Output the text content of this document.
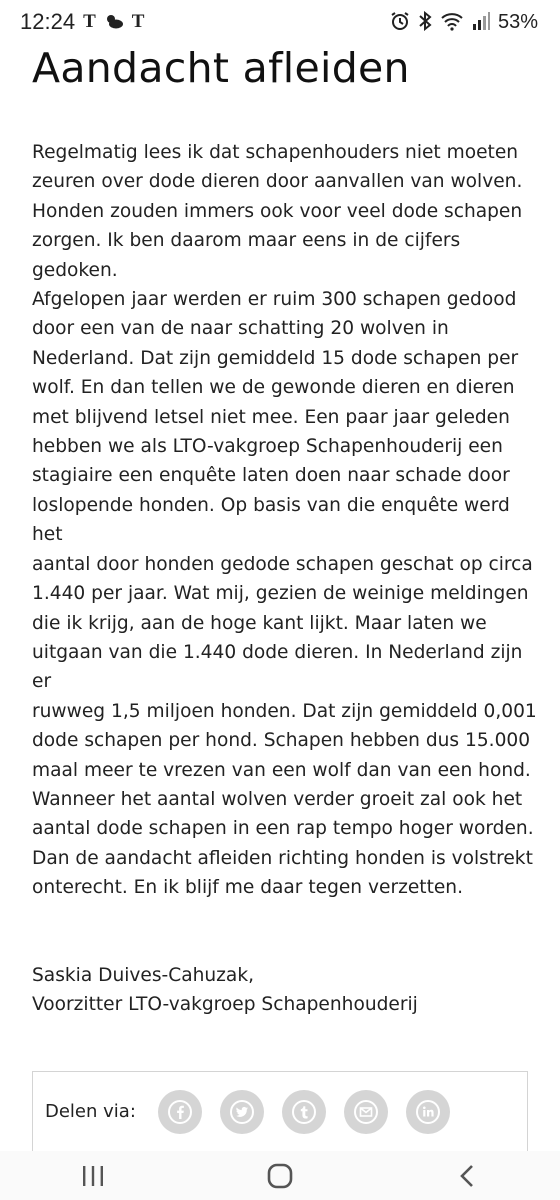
12:24 T T	53%
Aandacht afleiden

Regelmatig lees ik dat schapenhouders niet moeten
zeuren over dode dieren door aanvallen van wolven.
Honden zouden immers ook voor veel dode schapen
zorgen. Ik ben daarom maar eens in de cijfers gedoken.
Afgelopen jaar werden er ruim 300 schapen gedood
door een van de naar schatting 20 wolven in
Nederland. Dat zijn gemiddeld 15 dode schapen per
wolf. En dan tellen we de gewonde dieren en dieren
met blijvend letsel niet mee. Een paar jaar geleden
hebben we als LTO-vakgroep Schapenhouderij een
stagiaire een enquête laten doen naar schade door
loslopende honden. Op basis van die enquête werd het
aantal door honden gedode schapen geschat op circa
1.440 per jaar. Wat mij, gezien de weinige meldingen
die ik krijg, aan de hoge kant lijkt. Maar laten we
uitgaan van die 1.440 dode dieren. In Nederland zijn er
ruwweg 1,5 miljoen honden. Dat zijn gemiddeld 0,001
dode schapen per hond. Schapen hebben dus 15.000
maal meer te vrezen van een wolf dan van een hond.
Wanneer het aantal wolven verder groeit zal ook het
aantal dode schapen in een rap tempo hoger worden.
Dan de aandacht afleiden richting honden is volstrekt
onterecht. En ik blijf me daar tegen verzetten.

Saskia Duives-Cahuzak,
Voorzitter LTO-vakgroep Schapenhouderij

Delen via:
